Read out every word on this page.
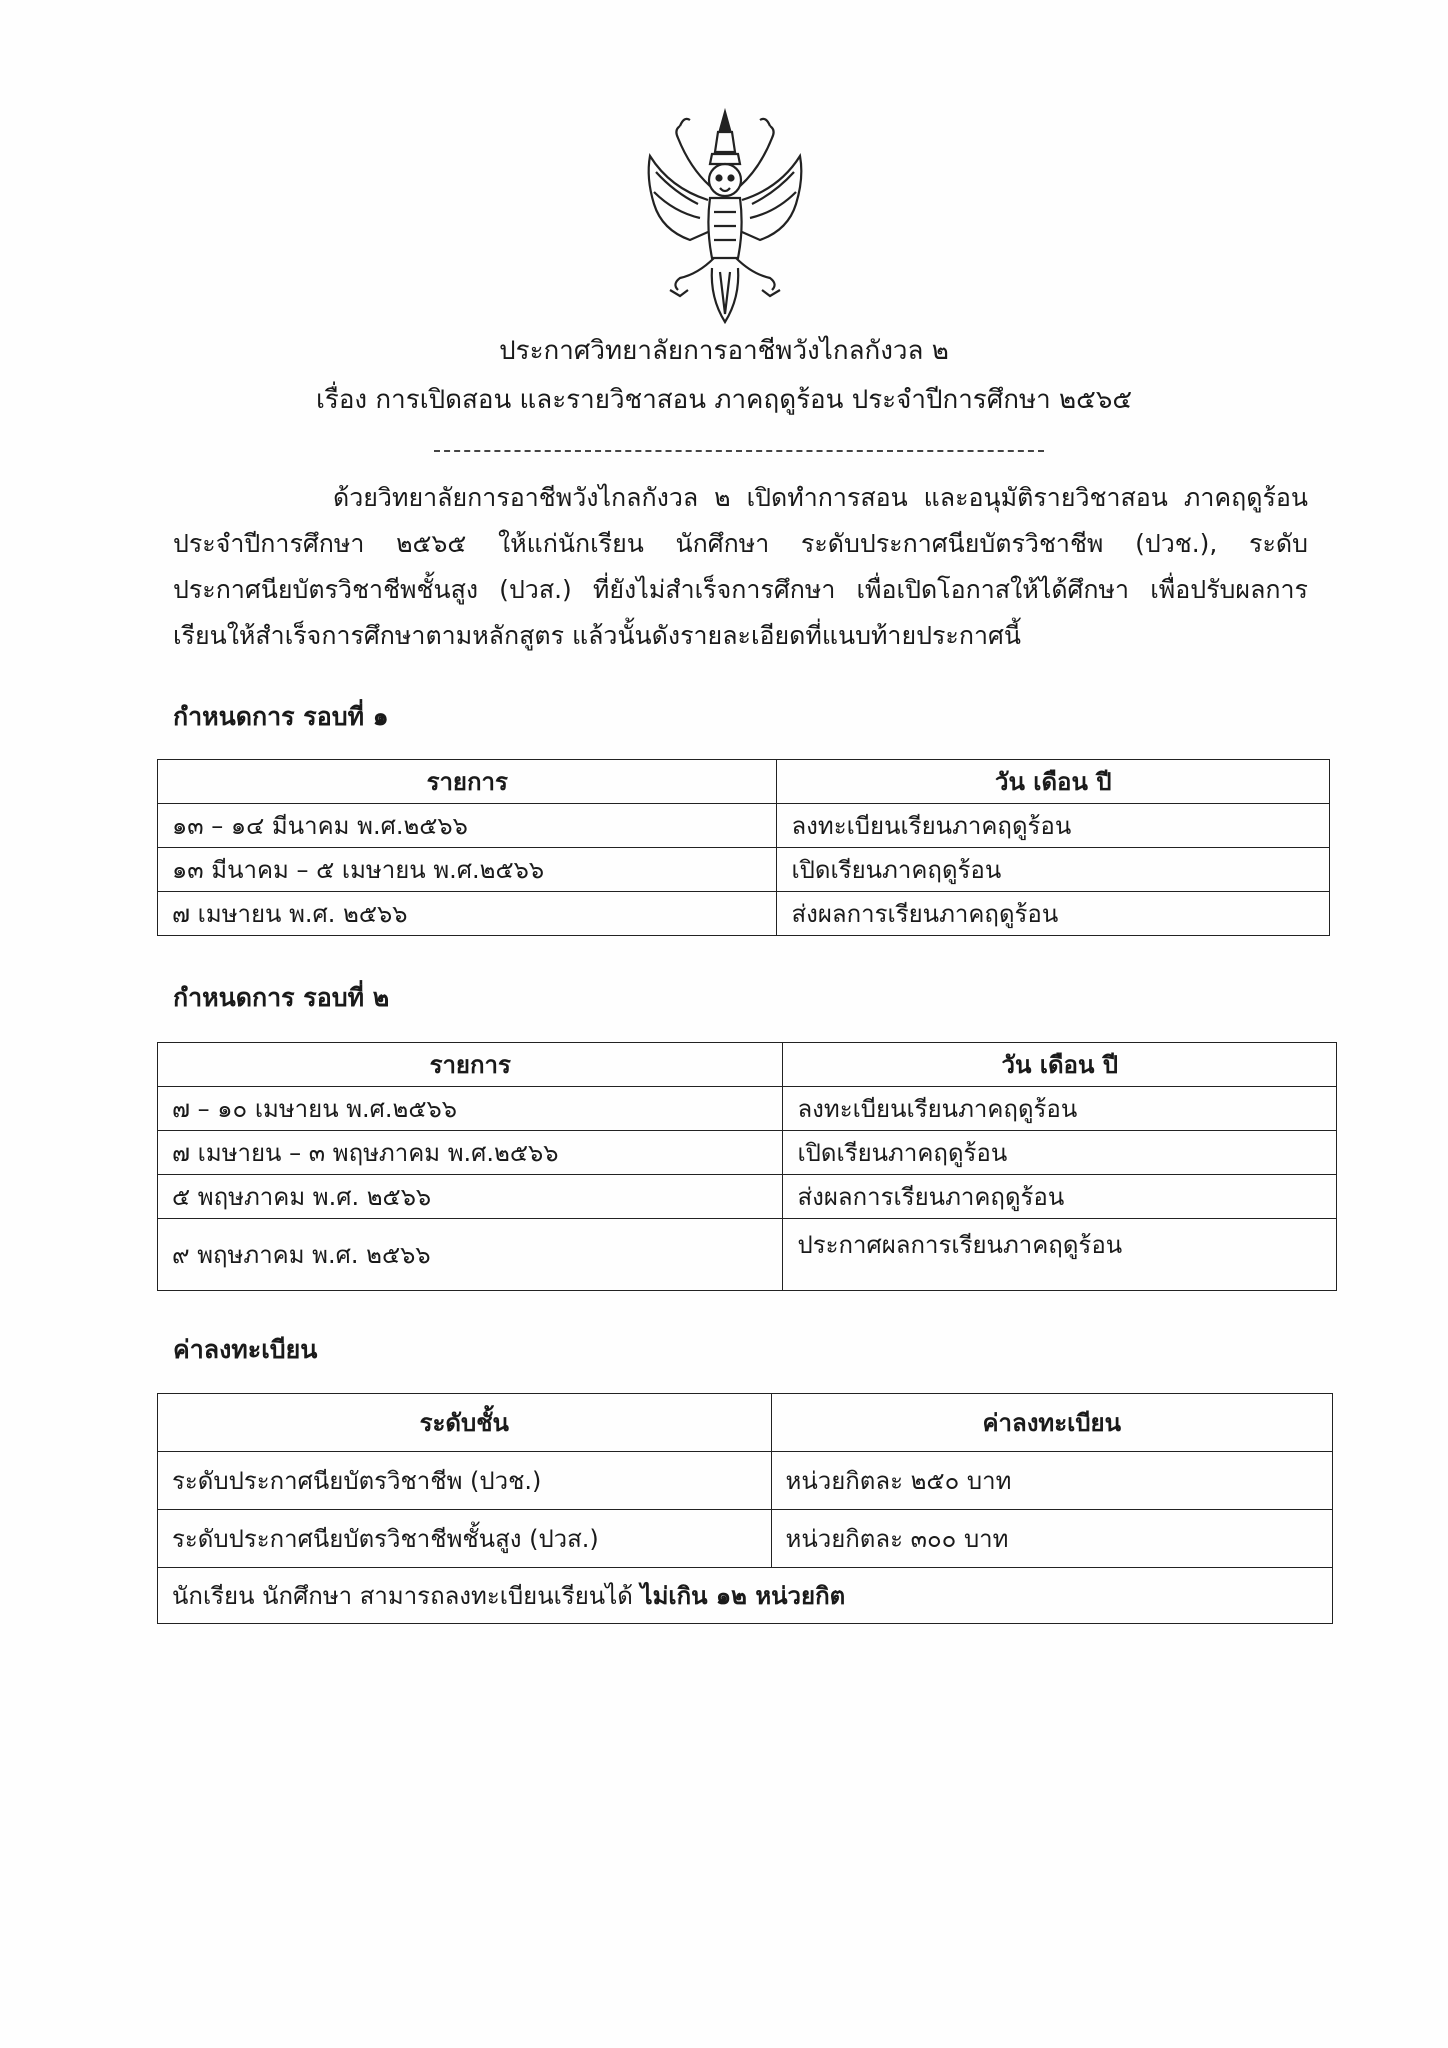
ประกาศวิทยาลัยการอาชีพวังไกลกังวล ๒
เรื่อง การเปิดสอน และรายวิชาสอน ภาคฤดูร้อน ประจำปีการศึกษา ๒๕๖๕
ด้วยวิทยาลัยการอาชีพวังไกลกังวล ๒ เปิดทำการสอน และอนุมัติรายวิชาสอน ภาคฤดูร้อน ประจำปีการศึกษา ๒๕๖๕ ให้แก่นักเรียน นักศึกษา ระดับประกาศนียบัตรวิชาชีพ (ปวช.), ระดับประกาศนียบัตรวิชาชีพชั้นสูง (ปวส.) ที่ยังไม่สำเร็จการศึกษา เพื่อเปิดโอกาสให้ได้ศึกษา เพื่อปรับผลการเรียนให้สำเร็จการศึกษาตามหลักสูตร แล้วนั้นดังรายละเอียดที่แนบท้ายประกาศนี้
กำหนดการ รอบที่ ๑
รายการ	วัน เดือน ปี
๑๓ – ๑๔ มีนาคม พ.ศ.๒๕๖๖	ลงทะเบียนเรียนภาคฤดูร้อน
๑๓ มีนาคม – ๕ เมษายน พ.ศ.๒๕๖๖	เปิดเรียนภาคฤดูร้อน
๗ เมษายน พ.ศ. ๒๕๖๖	ส่งผลการเรียนภาคฤดูร้อน
กำหนดการ รอบที่ ๒
รายการ	วัน เดือน ปี
๗ – ๑๐ เมษายน พ.ศ.๒๕๖๖	ลงทะเบียนเรียนภาคฤดูร้อน
๗ เมษายน – ๓ พฤษภาคม พ.ศ.๒๕๖๖	เปิดเรียนภาคฤดูร้อน
๕ พฤษภาคม พ.ศ. ๒๕๖๖	ส่งผลการเรียนภาคฤดูร้อน
๙ พฤษภาคม พ.ศ. ๒๕๖๖	ประกาศผลการเรียนภาคฤดูร้อน
ค่าลงทะเบียน
ระดับชั้น	ค่าลงทะเบียน
ระดับประกาศนียบัตรวิชาชีพ (ปวช.)	หน่วยกิตละ ๒๕๐ บาท
ระดับประกาศนียบัตรวิชาชีพชั้นสูง (ปวส.)	หน่วยกิตละ ๓๐๐ บาท
นักเรียน นักศึกษา สามารถลงทะเบียนเรียนได้ ไม่เกิน ๑๒ หน่วยกิต	
